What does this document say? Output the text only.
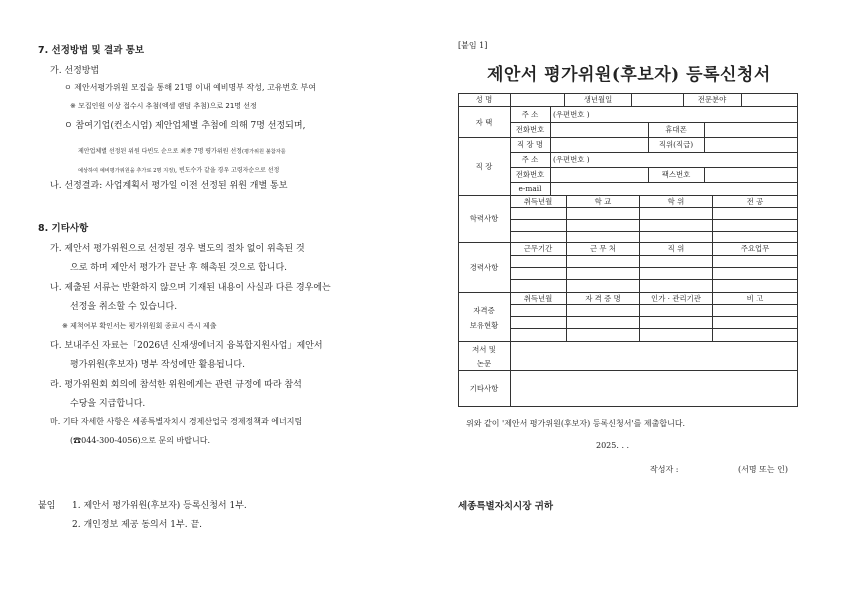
7. 선정방법 및 결과 통보
가. 선정방법
ㅇ 제안서평가위원 모집을 통해 21명 이내 예비명부 작성, 고유번호 부여
※ 모집인원 이상 접수시 추첨(엑셀 랜덤 추첨)으로 21명 선정
ㅇ 참여기업(컨소시엄) 제안업체별 추첨에 의해 7명 선정되며,
제안업체별 선정된 위원 다빈도 순으로 최종 7명 평가위원 선정(평가위원 불참자를
예상하여 예비평가위원을 추가로 2명 지정), 빈도수가 같을 경우 고령자순으로 선정
나. 선정결과: 사업계획서 평가일 이전 선정된 위원 개별 통보
8. 기타사항
가. 제안서 평가위원으로 선정된 경우 별도의 절차 없이 위촉된 것
으로 하며 제안서 평가가 끝난 후 해촉된 것으로 합니다.
나. 제출된 서류는 반환하지 않으며 기재된 내용이 사실과 다른 경우에는
선정을 취소할 수 있습니다.
※ 제척여부 확인서는 평가위원회 종료시 즉시 제출
다. 보내주신 자료는「2026년 신재생에너지 융복합지원사업」제안서
평가위원(후보자) 명부 작성에만 활용됩니다.
라. 평가위원회 회의에 참석한 위원에게는 관련 규정에 따라 참석
수당을 지급합니다.
마. 기타 자세한 사항은 세종특별자치시 경제산업국 경제정책과 에너지팀
(☎044-300-4056)으로 문의 바랍니다.
붙임 1. 제안서 평가위원(후보자) 등록신청서 1부.
2. 개인정보 제공 동의서 1부. 끝.
[붙임 1]
제안서 평가위원(후보자) 등록신청서
성 명	생년월일	전문분야
자 택
주 소 (우편번호 )
전화번호	휴대폰
직 장
직 장 명	직위(직급)
주 소 (우편번호 )
전화번호	팩스번호
e-mail
학력사항
취득년월	학 교	학 위	전 공
경력사항
근무기간	근 무 처	직 위	주요업무
자격증
보유현황
취득년월	자 격 증 명	인가 · 관리기관	비 고
저서 및
논문
기타사항
위와 같이 '제안서 평가위원(후보자) 등록신청서'를 제출합니다.
2025. . .
작성자 :	(서명 또는 인)
세종특별자치시장 귀하
